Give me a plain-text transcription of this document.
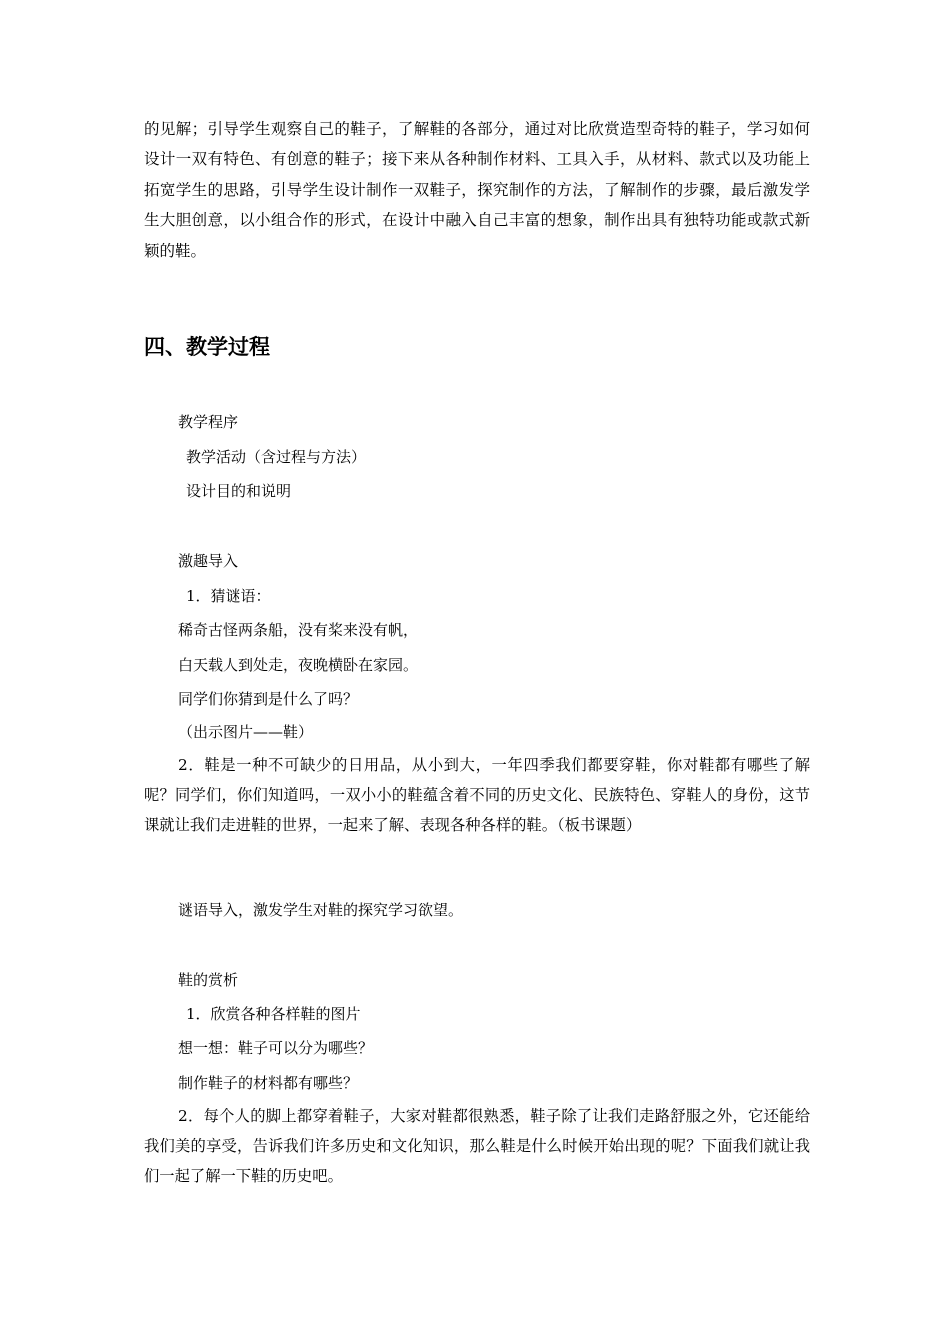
的见解；引导学生观察自己的鞋子，了解鞋的各部分，通过对比欣赏造型奇特的鞋子，学习如何设计一双有特色、有创意的鞋子；接下来从各种制作材料、工具入手，从材料、款式以及功能上拓宽学生的思路，引导学生设计制作一双鞋子，探究制作的方法，了解制作的步骤，最后激发学生大胆创意，以小组合作的形式，在设计中融入自己丰富的想象，制作出具有独特功能或款式新颖的鞋。
四、教学过程
教学程序
教学活动（含过程与方法）
设计目的和说明
激趣导入
1．猜谜语：
稀奇古怪两条船，没有桨来没有帆，
白天载人到处走，夜晚横卧在家园。
同学们你猜到是什么了吗？
（出示图片——鞋）
2．鞋是一种不可缺少的日用品，从小到大，一年四季我们都要穿鞋，你对鞋都有哪些了解呢？同学们，你们知道吗，一双小小的鞋蕴含着不同的历史文化、民族特色、穿鞋人的身份，这节课就让我们走进鞋的世界，一起来了解、表现各种各样的鞋。（板书课题）
谜语导入，激发学生对鞋的探究学习欲望。
鞋的赏析
1．欣赏各种各样鞋的图片
想一想：鞋子可以分为哪些？
制作鞋子的材料都有哪些？
2．每个人的脚上都穿着鞋子，大家对鞋都很熟悉，鞋子除了让我们走路舒服之外，它还能给我们美的享受，告诉我们许多历史和文化知识，那么鞋是什么时候开始出现的呢？下面我们就让我们一起了解一下鞋的历史吧。
